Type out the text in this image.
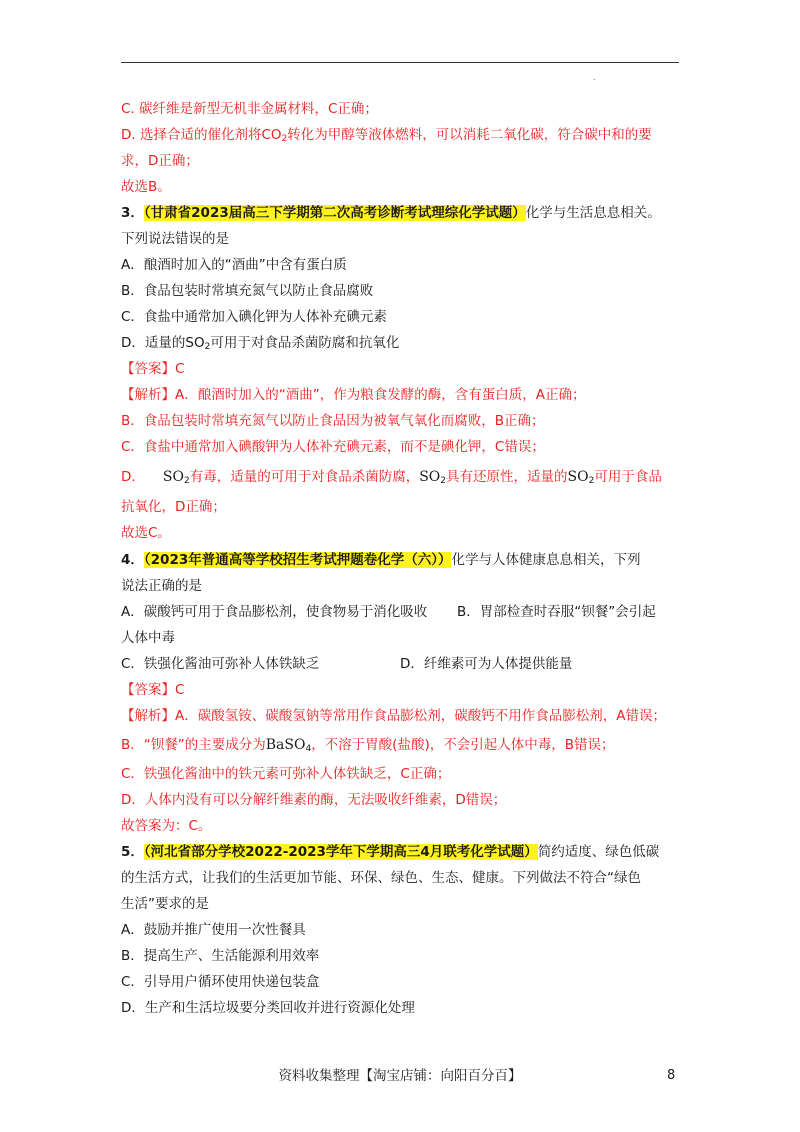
.
C. 碳纤维是新型无机非金属材料，C正确；
D. 选择合适的催化剂将$CO_2$转化为甲醇等液体燃料，可以消耗二氧化碳，符合碳中和的要
求，D正确；
故选B。
3．（甘肃省2023届高三下学期第二次高考诊断考试理综化学试题）化学与生活息息相关。
下列说法错误的是
A．酿酒时加入的“酒曲”中含有蛋白质
B．食品包装时常填充氮气以防止食品腐败
C．食盐中通常加入碘化钾为人体补充碘元素
D．适量的$SO_2$可用于对食品杀菌防腐和抗氧化
【答案】C
【解析】A．酿酒时加入的“酒曲”，作为粮食发酵的酶，含有蛋白质，A正确；
B．食品包装时常填充氮气以防止食品因为被氧气氧化而腐败，B正确；
C．食盐中通常加入碘酸钾为人体补充碘元素，而不是碘化钾，C错误；
D． $SO_2$有毒，适量的可用于对食品杀菌防腐，$SO_2$具有还原性，适量的$SO_2$可用于食品
抗氧化，D正确；
故选C。
4．（2023年普通高等学校招生考试押题卷化学（六））化学与人体健康息息相关，下列
说法正确的是
A．碳酸钙可用于食品膨松剂，使食物易于消化吸收 B．胃部检查时吞服“钡餐”会引起
人体中毒
C．铁强化酱油可弥补人体铁缺乏	D．纤维素可为人体提供能量
【答案】C
【解析】A．碳酸氢铵、碳酸氢钠等常用作食品膨松剂，碳酸钙不用作食品膨松剂，A错误；
B．“钡餐”的主要成分为BaSO$_4$，不溶于胃酸(盐酸)，不会引起人体中毒，B错误；
C．铁强化酱油中的铁元素可弥补人体铁缺乏，C正确；
D．人体内没有可以分解纤维素的酶，无法吸收纤维素，D错误；
故答案为：C。
5．（河北省部分学校2022-2023学年下学期高三4月联考化学试题）简约适度、绿色低碳
的生活方式，让我们的生活更加节能、环保、绿色、生态、健康。下列做法不符合“绿色
生活”要求的是
A．鼓励并推广使用一次性餐具
B．提高生产、生活能源利用效率
C．引导用户循环使用快递包装盒
D．生产和生活垃圾要分类回收并进行资源化处理
资料收集整理【淘宝店铺：向阳百分百】	8
